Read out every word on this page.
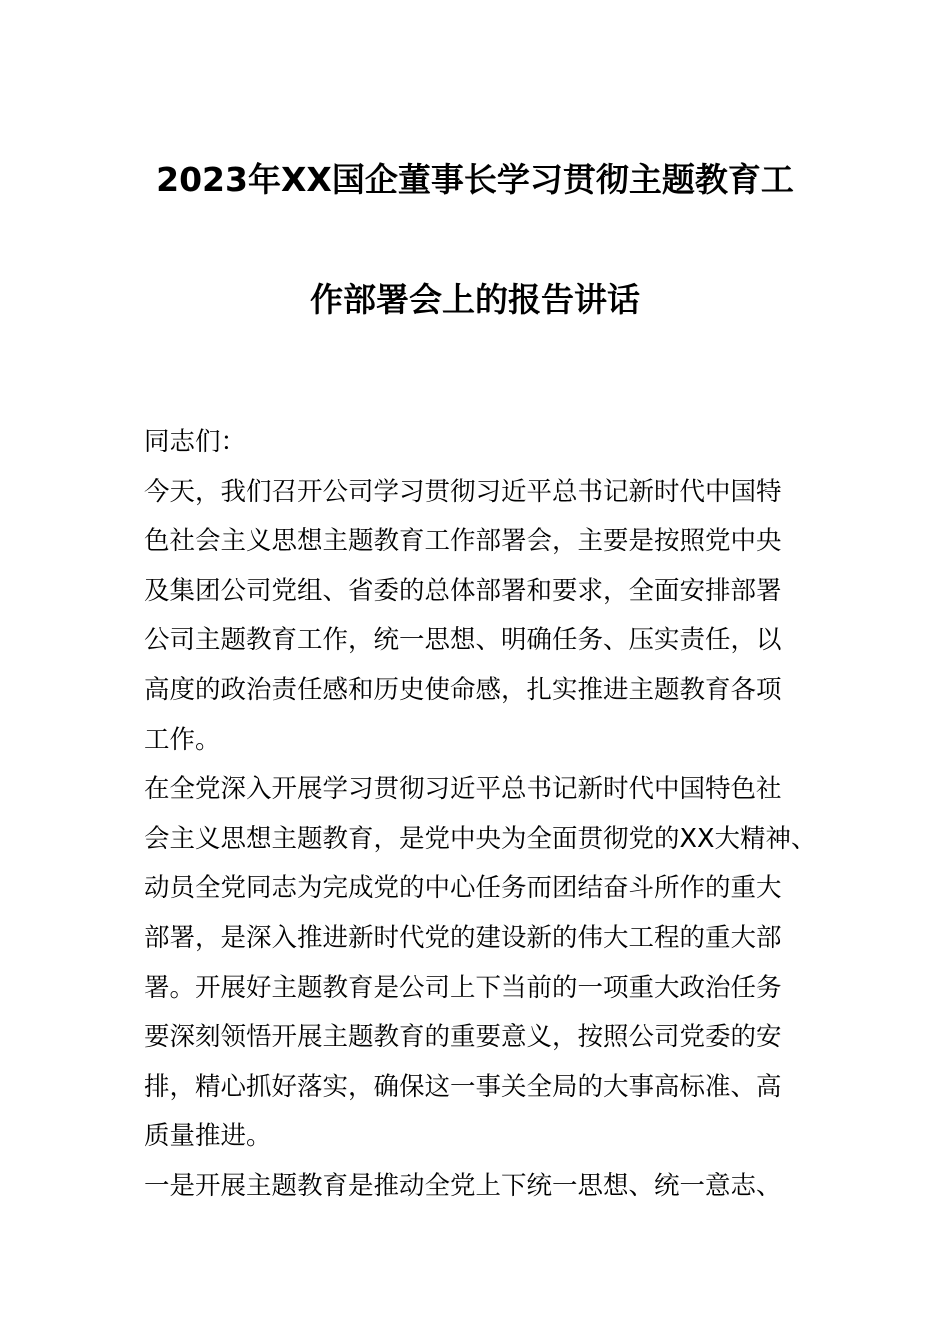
2023年XX国企董事长学习贯彻主题教育工
作部署会上的报告讲话
同志们：
今天，我们召开公司学习贯彻习近平总书记新时代中国特
色社会主义思想主题教育工作部署会，主要是按照党中央
及集团公司党组、省委的总体部署和要求，全面安排部署
公司主题教育工作，统一思想、明确任务、压实责任，以
高度的政治责任感和历史使命感，扎实推进主题教育各项
工作。
在全党深入开展学习贯彻习近平总书记新时代中国特色社
会主义思想主题教育，是党中央为全面贯彻党的XX大精神、
动员全党同志为完成党的中心任务而团结奋斗所作的重大
部署，是深入推进新时代党的建设新的伟大工程的重大部
署。开展好主题教育是公司上下当前的一项重大政治任务
要深刻领悟开展主题教育的重要意义，按照公司党委的安
排，精心抓好落实，确保这一事关全局的大事高标准、高
质量推进。
一是开展主题教育是推动全党上下统一思想、统一意志、
